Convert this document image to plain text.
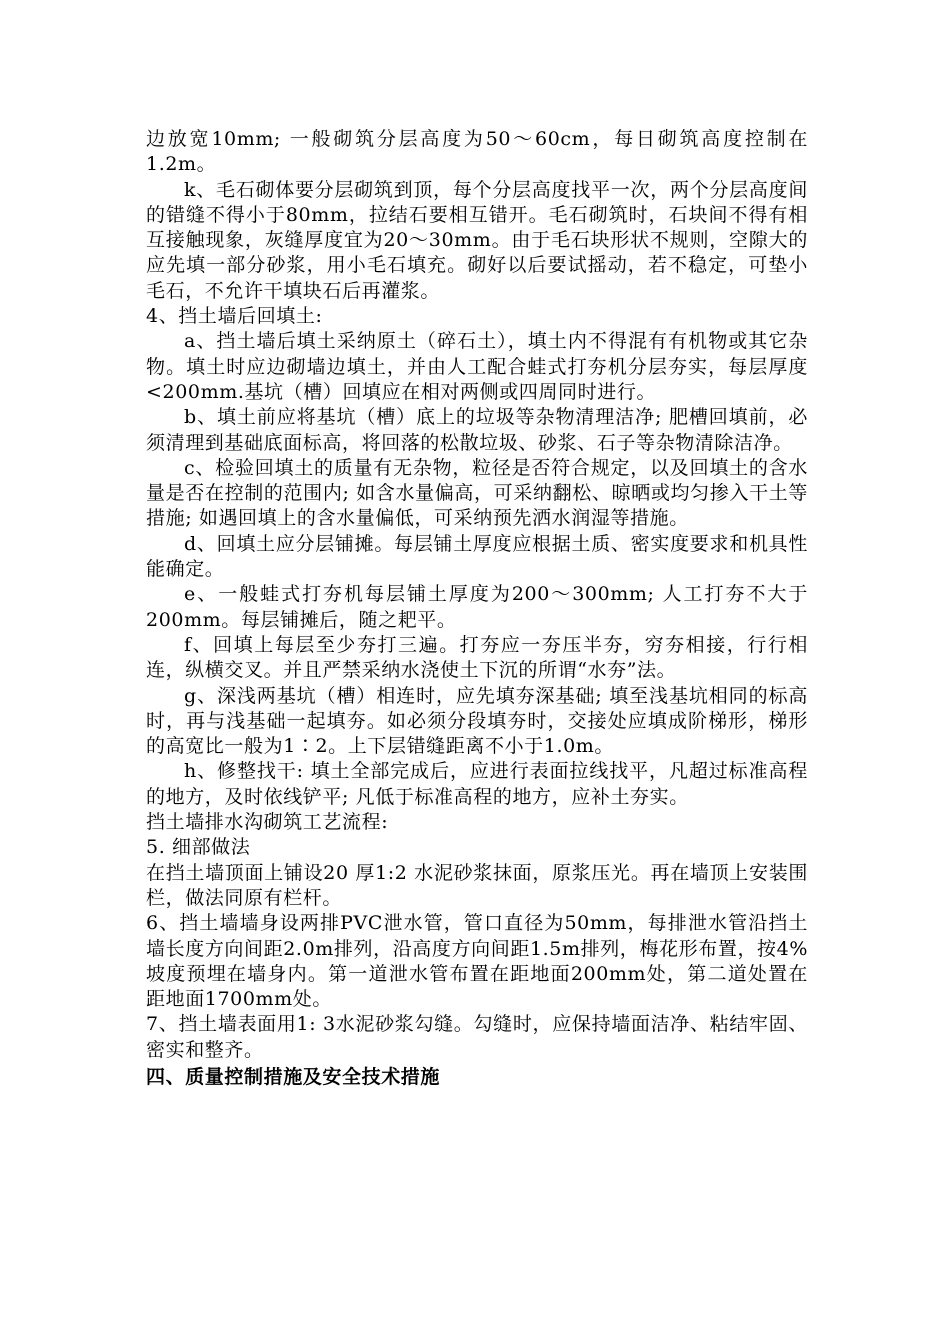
边放宽10mm; 一般砌筑分层高度为50～60cm，每日砌筑高度控制在1.2m。

k、毛石砌体要分层砌筑到顶，每个分层高度找平一次，两个分层高度间的错缝不得小于80mm，拉结石要相互错开。毛石砌筑时，石块间不得有相互接触现象，灰缝厚度宜为20～30mm。由于毛石块形状不规则，空隙大的应先填一部分砂浆，用小毛石填充。砌好以后要试摇动，若不稳定，可垫小毛石，不允许干填块石后再灌浆。

4、挡土墙后回填土:

a、挡土墙后填土采纳原土（碎石土），填土内不得混有有机物或其它杂物。填土时应边砌墙边填土，并由人工配合蛙式打夯机分层夯实，每层厚度<200mm.基坑（槽）回填应在相对两侧或四周同时进行。

b、填土前应将基坑（槽）底上的垃圾等杂物清理洁净; 肥槽回填前，必须清理到基础底面标高，将回落的松散垃圾、砂浆、石子等杂物清除洁净。

c、检验回填土的质量有无杂物，粒径是否符合规定，以及回填土的含水量是否在控制的范围内; 如含水量偏高，可采纳翻松、晾晒或均匀掺入干土等措施; 如遇回填上的含水量偏低，可采纳预先洒水润湿等措施。

d、回填土应分层铺摊。每层铺土厚度应根据土质、密实度要求和机具性能确定。

e、一般蛙式打夯机每层铺土厚度为200～300mm; 人工打夯不大于200mm。每层铺摊后，随之耙平。

f、回填上每层至少夯打三遍。打夯应一夯压半夯，穷夯相接，行行相连，纵横交叉。并且严禁采纳水浇使土下沉的所谓“水夯”法。

g、深浅两基坑（槽）相连时，应先填夯深基础; 填至浅基坑相同的标高时，再与浅基础一起填夯。如必须分段填夯时，交接处应填成阶梯形，梯形的高宽比一般为1∶2。上下层错缝距离不小于1.0m。

h、修整找干: 填土全部完成后，应进行表面拉线找平，凡超过标准高程的地方，及时依线铲平; 凡低于标准高程的地方，应补土夯实。

挡土墙排水沟砌筑工艺流程:

5. 细部做法

在挡土墙顶面上铺设20 厚1:2 水泥砂浆抹面，原浆压光。再在墙顶上安装围栏，做法同原有栏杆。

6、挡土墙墙身设两排PVC泄水管，管口直径为50mm，每排泄水管沿挡土墙长度方向间距2.0m排列，沿高度方向间距1.5m排列，梅花形布置，按4%坡度预埋在墙身内。第一道泄水管布置在距地面200mm处，第二道处置在距地面1700mm处。

7、挡土墙表面用1: 3水泥砂浆勾缝。勾缝时，应保持墙面洁净、粘结牢固、密实和整齐。

四、质量控制措施及安全技术措施
